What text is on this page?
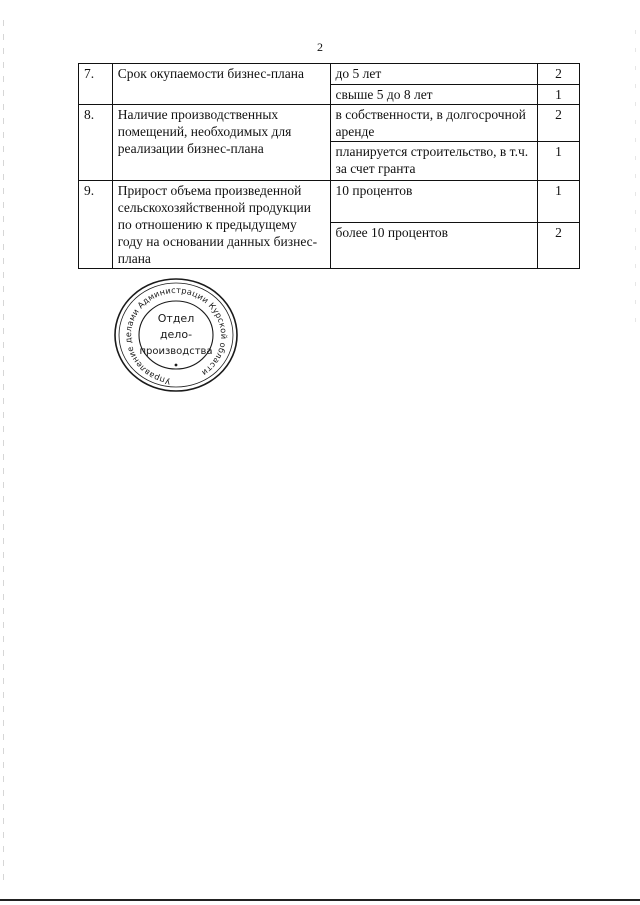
2
7.	Срок окупаемости бизнес-плана	до 5 лет	2
		свыше 5 до 8 лет	1
8.	Наличие производственных помещений, необходимых для реализации бизнес-плана	в собственности, в долгосрочной аренде	2
		планируется строительство, в т.ч. за счет гранта	1
9.	Прирост объема произведенной сельскохозяйственной продукции по отношению к предыдущему году на основании данных бизнес-плана	10 процентов	1
		более 10 процентов	2
Управление делами Администрации Курской области
Отдел
дело-
производства
